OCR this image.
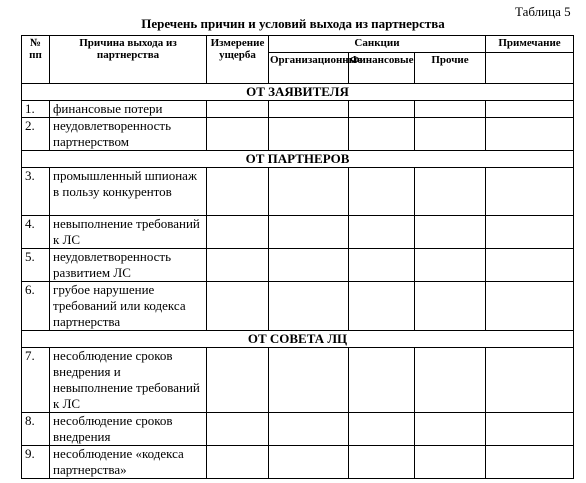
Таблица 5
Перечень причин и условий выхода из партнерства
№ пп	Причина выхода из партнерства	Измерение ущерба	Санкции			Примечание
			Организационные	Финансовые	Прочие	
ОТ ЗАЯВИТЕЛЯ						
1.	финансовые потери					
2.	неудовлетворенность партнерством					
ОТ ПАРТНЕРОВ						
3.	промышленный шпионаж в пользу конкурентов					
4.	невыполнение требований к ЛС					
5.	неудовлетворенность развитием ЛС					
6.	грубое нарушение требований или кодекса партнерства					
ОТ СОВЕТА ЛЦ						
7.	несоблюдение сроков внедрения и невыполнение требований к ЛС					
8.	несоблюдение сроков внедрения					
9.	несоблюдение «кодекса партнерства»					
